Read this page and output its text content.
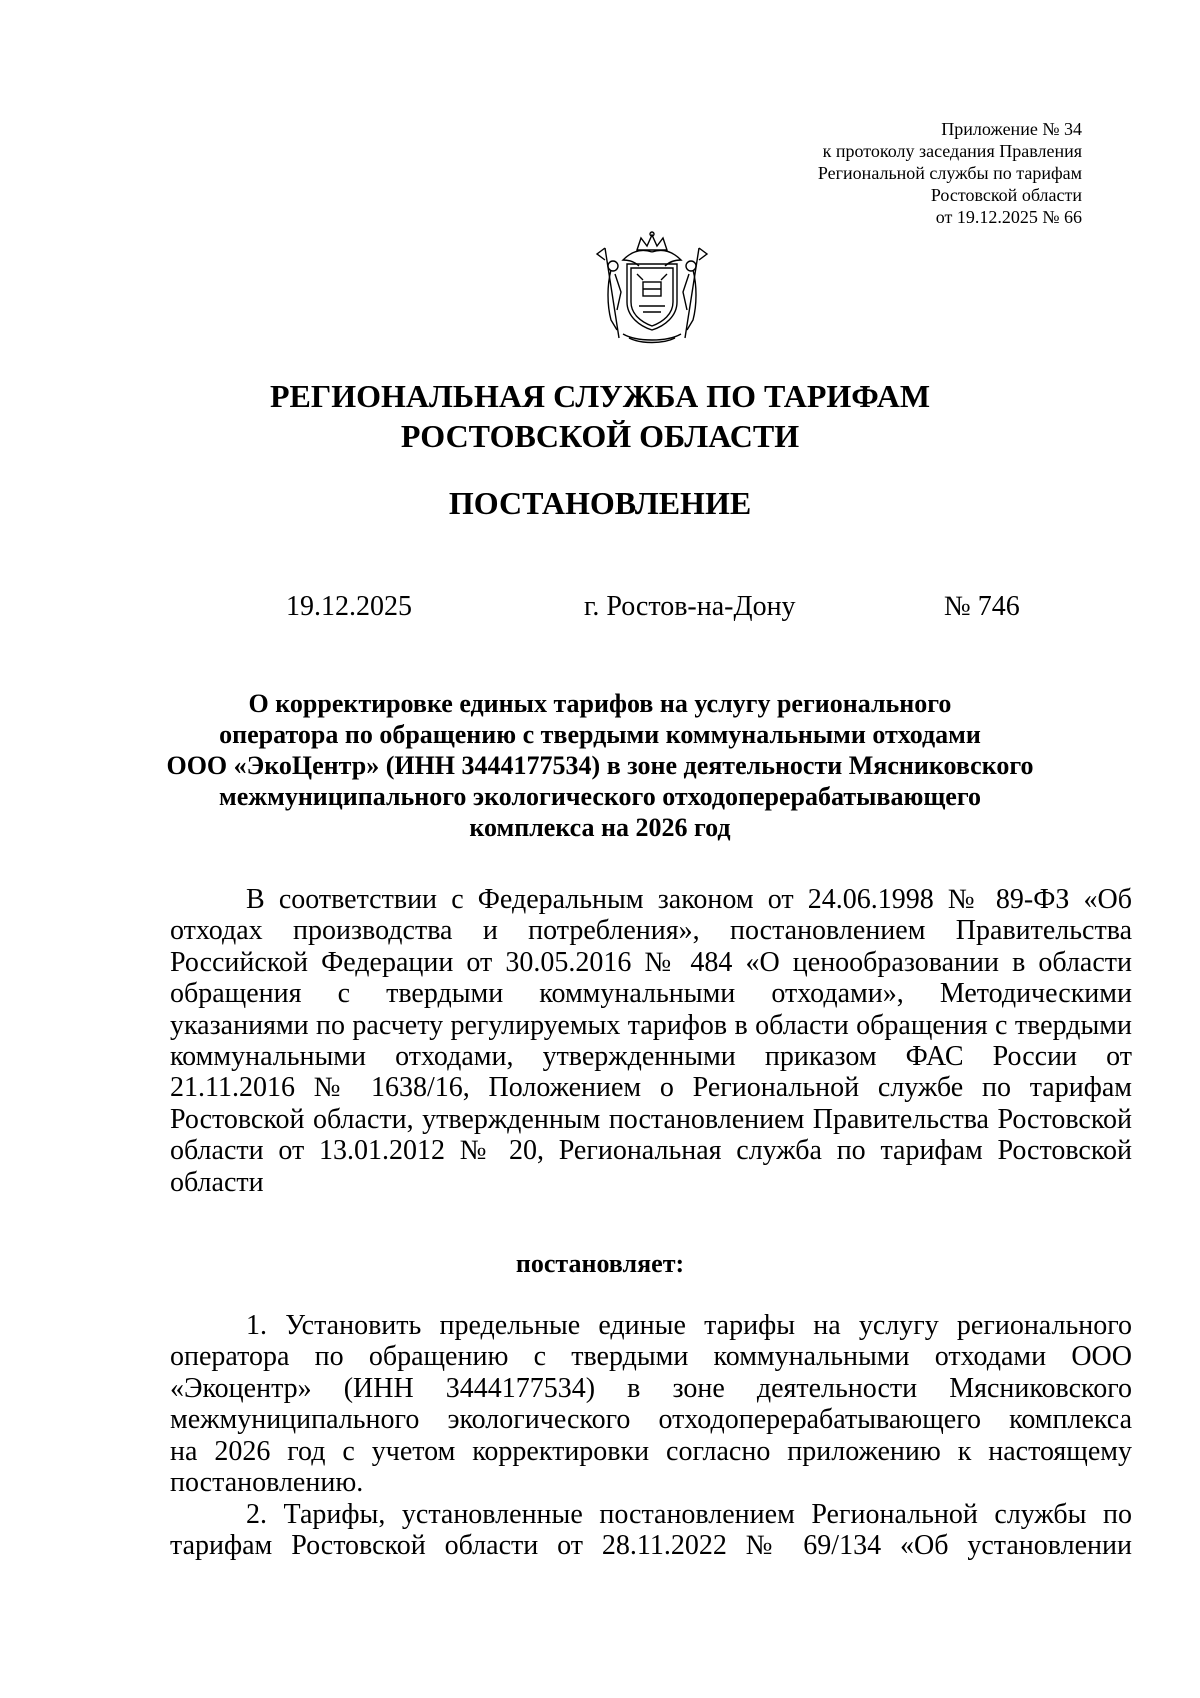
Приложение № 34
к протоколу заседания Правления
Региональной службы по тарифам
Ростовской области
от 19.12.2025 № 66
РЕГИОНАЛЬНАЯ СЛУЖБА ПО ТАРИФАМ
РОСТОВСКОЙ ОБЛАСТИ
ПОСТАНОВЛЕНИЕ
19.12.2025	г. Ростов-на-Дону	№ 746
О корректировке единых тарифов на услугу регионального
оператора по обращению с твердыми коммунальными отходами
ООО «ЭкоЦентр» (ИНН 3444177534) в зоне деятельности Мясниковского
межмуниципального экологического отходоперерабатывающего
комплекса на 2026 год
В соответствии с Федеральным законом от 24.06.1998 № 89-ФЗ «Об
отходах производства и потребления», постановлением Правительства
Российской Федерации от 30.05.2016 № 484 «О ценообразовании в области
обращения с твердыми коммунальными отходами», Методическими
указаниями по расчету регулируемых тарифов в области обращения с твердыми
коммунальными отходами, утвержденными приказом ФАС России от
21.11.2016 № 1638/16, Положением о Региональной службе по тарифам
Ростовской области, утвержденным постановлением Правительства Ростовской
области от 13.01.2012 № 20, Региональная служба по тарифам Ростовской
области
постановляет:
1. Установить предельные единые тарифы на услугу регионального
оператора по обращению с твердыми коммунальными отходами ООО
«Экоцентр» (ИНН 3444177534) в зоне деятельности Мясниковского
межмуниципального экологического отходоперерабатывающего комплекса
на 2026 год с учетом корректировки согласно приложению к настоящему
постановлению.
2. Тарифы, установленные постановлением Региональной службы по
тарифам Ростовской области от 28.11.2022 № 69/134 «Об установлении
